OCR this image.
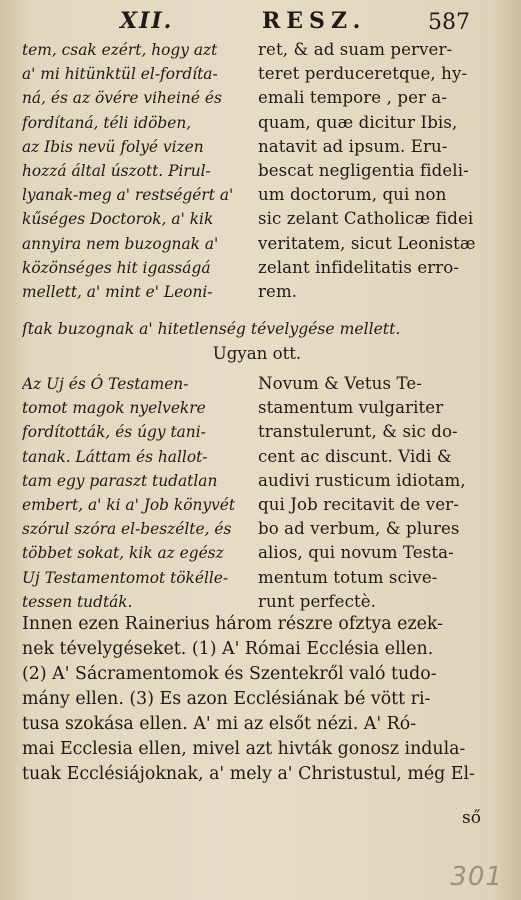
XII.	RESZ.	587
tem, csak ezért, hogy azt
a' mi hitünktül el-fordíta-
ná, és az övére viheiné és
fordítaná, téli idöben,
az Ibis nevü folyé vizen
hozzá által úszott. Pirul-
lyanak-meg a' restségért a'
kűséges Doctorok, a' kik
annyira nem buzognak a'
közönséges hit igasságá
mellett, a' mint e' Leoni-
ret, & ad suam perver-
teret perduceretque, hy-
emali tempore , per a-
quam, quæ dicitur Ibis,
natavit ad ipsum. Eru-
bescat negligentia fideli-
um doctorum, qui non
sic zelant Catholicæ fidei
veritatem, sicut Leonistæ
zelant infidelitatis erro-
rem.
ſtak buzognak a' hitetlenség tévelygése mellett.
Ugyan ott.
Az Uj és Ó Testamen-
tomot magok nyelvekre
fordították, és úgy tani-
tanak. Láttam és hallot-
tam egy paraszt tudatlan
embert, a' ki a' Job könyvét
szórul szóra el-beszélte, és
többet sokat, kik az egész
Uj Testamentomot tökélle-
tessen tudták.
Novum & Vetus Te-
stamentum vulgariter
transtulerunt, & sic do-
cent ac discunt. Vidi &
audivi rusticum idiotam,
qui Job recitavit de ver-
bo ad verbum, & plures
alios, qui novum Testa-
mentum totum scive-
runt perfectè.
Innen ezen Rainerius három részre ofztya ezek-
nek tévelygéseket. (1) A' Római Ecclésia ellen.
(2) A' Sácramentomok és Szentekről való tudo-
mány ellen. (3) Es azon Ecclésiának bé vött ri-
tusa szokása ellen. A' mi az elsőt nézi. A' Ró-
mai Ecclesia ellen, mivel azt hivták gonosz indula-
tuak Ecclésiájoknak, a' mely a' Christustul, még El-
ső
301
